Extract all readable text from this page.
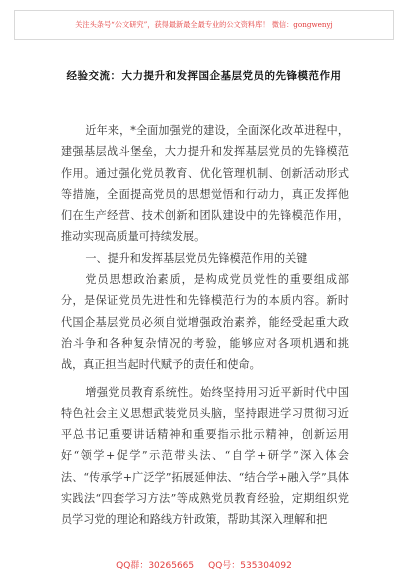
关注头条号“公文研究”，获得最新最全最专业的公文资料库！ 微信：gongwenyj
经验交流：大力提升和发挥国企基层党员的先锋模范作用

近年来，*全面加强党的建设，全面深化改革进程中，建强基层战斗堡垒，大力提升和发挥基层党员的先锋模范作用。通过强化党员教育、优化管理机制、创新活动形式等措施，全面提高党员的思想觉悟和行动力，真正发挥他们在生产经营、技术创新和团队建设中的先锋模范作用，推动实现高质量可持续发展。

一、提升和发挥基层党员先锋模范作用的关键

党员思想政治素质，是构成党员党性的重要组成部分，是保证党员先进性和先锋模范行为的本质内容。新时代国企基层党员必须自觉增强政治素养，能经受起重大政治斗争和各种复杂情况的考验，能够应对各项机遇和挑战，真正担当起时代赋予的责任和使命。

增强党员教育系统性。始终坚持用习近平新时代中国特色社会主义思想武装党员头脑，坚持跟进学习贯彻习近平总书记重要讲话精神和重要指示批示精神，创新运用好“领学+促学”示范带头法、“自学+研学”深入体会法、“传承学+广泛学”拓展延伸法、“结合学+融入学”具体实践法“四套学习方法”等成熟党员教育经验，定期组织党员学习党的理论和路线方针政策，帮助其深入理解和把

QQ群：30265665 QQ号：535304092
